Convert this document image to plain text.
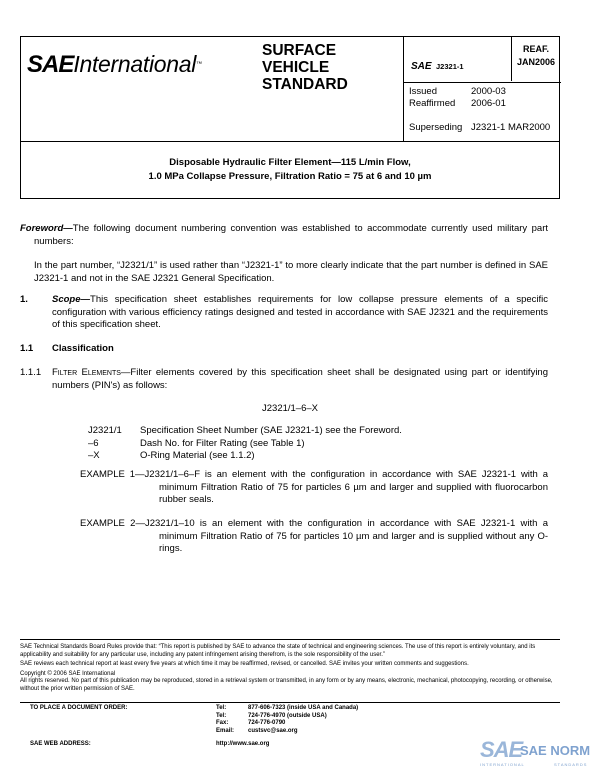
SAEInternational™
SURFACE
VEHICLE
STANDARD
SAE J2321-1
REAF.
JAN2006
Issued	2000-03
Reaffirmed 2006-01
Superseding J2321-1 MAR2000
Disposable Hydraulic Filter Element—115 L/min Flow,
1.0 MPa Collapse Pressure, Filtration Ratio = 75 at 6 and 10 µm
Foreword—The following document numbering convention was established to accommodate currently used military part numbers:
In the part number, “J2321/1” is used rather than “J2321-1” to more clearly indicate that the part number is defined in SAE J2321-1 and not in the SAE J2321 General Specification.
1.	Scope—This specification sheet establishes requirements for low collapse pressure elements of a specific configuration with various efficiency ratings designed and tested in accordance with SAE J2321 and the requirements of this specification sheet.
1.1 Classification
1.1.1 Filter Elements—Filter elements covered by this specification sheet shall be designated using part or identifying numbers (PIN's) as follows:
J2321/1–6–X
J2321/1 Specification Sheet Number (SAE J2321-1) see the Foreword.
–6	Dash No. for Filter Rating (see Table 1)
–X	O-Ring Material (see 1.1.2)
EXAMPLE 1—J2321/1–6–F is an element with the configuration in accordance with SAE J2321-1 with a minimum Filtration Ratio of 75 for particles 6 µm and larger and supplied with fluorocarbon rubber seals.
EXAMPLE 2—J2321/1–10 is an element with the configuration in accordance with SAE J2321-1 with a minimum Filtration Ratio of 75 for particles 10 µm and larger and is supplied without any O-rings.
SAE Technical Standards Board Rules provide that: “This report is published by SAE to advance the state of technical and engineering sciences. The use of this report is entirely voluntary, and its applicability and suitability for any particular use, including any patent infringement arising therefrom, is the sole responsibility of the user.”
SAE reviews each technical report at least every five years at which time it may be reaffirmed, revised, or cancelled. SAE invites your written comments and suggestions.
Copyright © 2006 SAE International
All rights reserved. No part of this publication may be reproduced, stored in a retrieval system or transmitted, in any form or by any means, electronic, mechanical, photocopying, recording, or otherwise, without the prior written permission of SAE.
TO PLACE A DOCUMENT ORDER:	Tel:	877-606-7323 (inside USA and Canada)
Tel:	724-776-4970 (outside USA)
Fax:	724-776-0790
Email: custsvc@sae.org
SAE WEB ADDRESS:	http://www.sae.org	SAE
SAE NORM
INTERNATIONAL	STANDARDS
